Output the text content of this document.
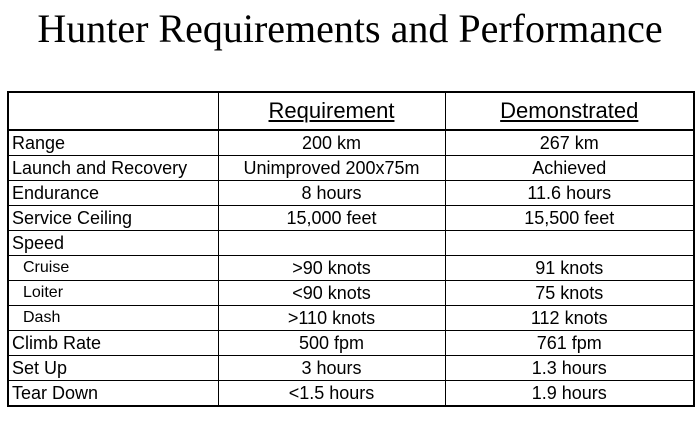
Hunter Requirements and Performance
	Requirement	Demonstrated
Range	200 km	267 km
Launch and Recovery	Unimproved 200x75m	Achieved
Endurance	8 hours	11.6 hours
Service Ceiling	15,000 feet	15,500 feet
Speed		
Cruise	>90 knots	91 knots
Loiter	<90 knots	75 knots
Dash	>110 knots	112 knots
Climb Rate	500 fpm	761 fpm
Set Up	3 hours	1.3 hours
Tear Down	<1.5 hours	1.9 hours
